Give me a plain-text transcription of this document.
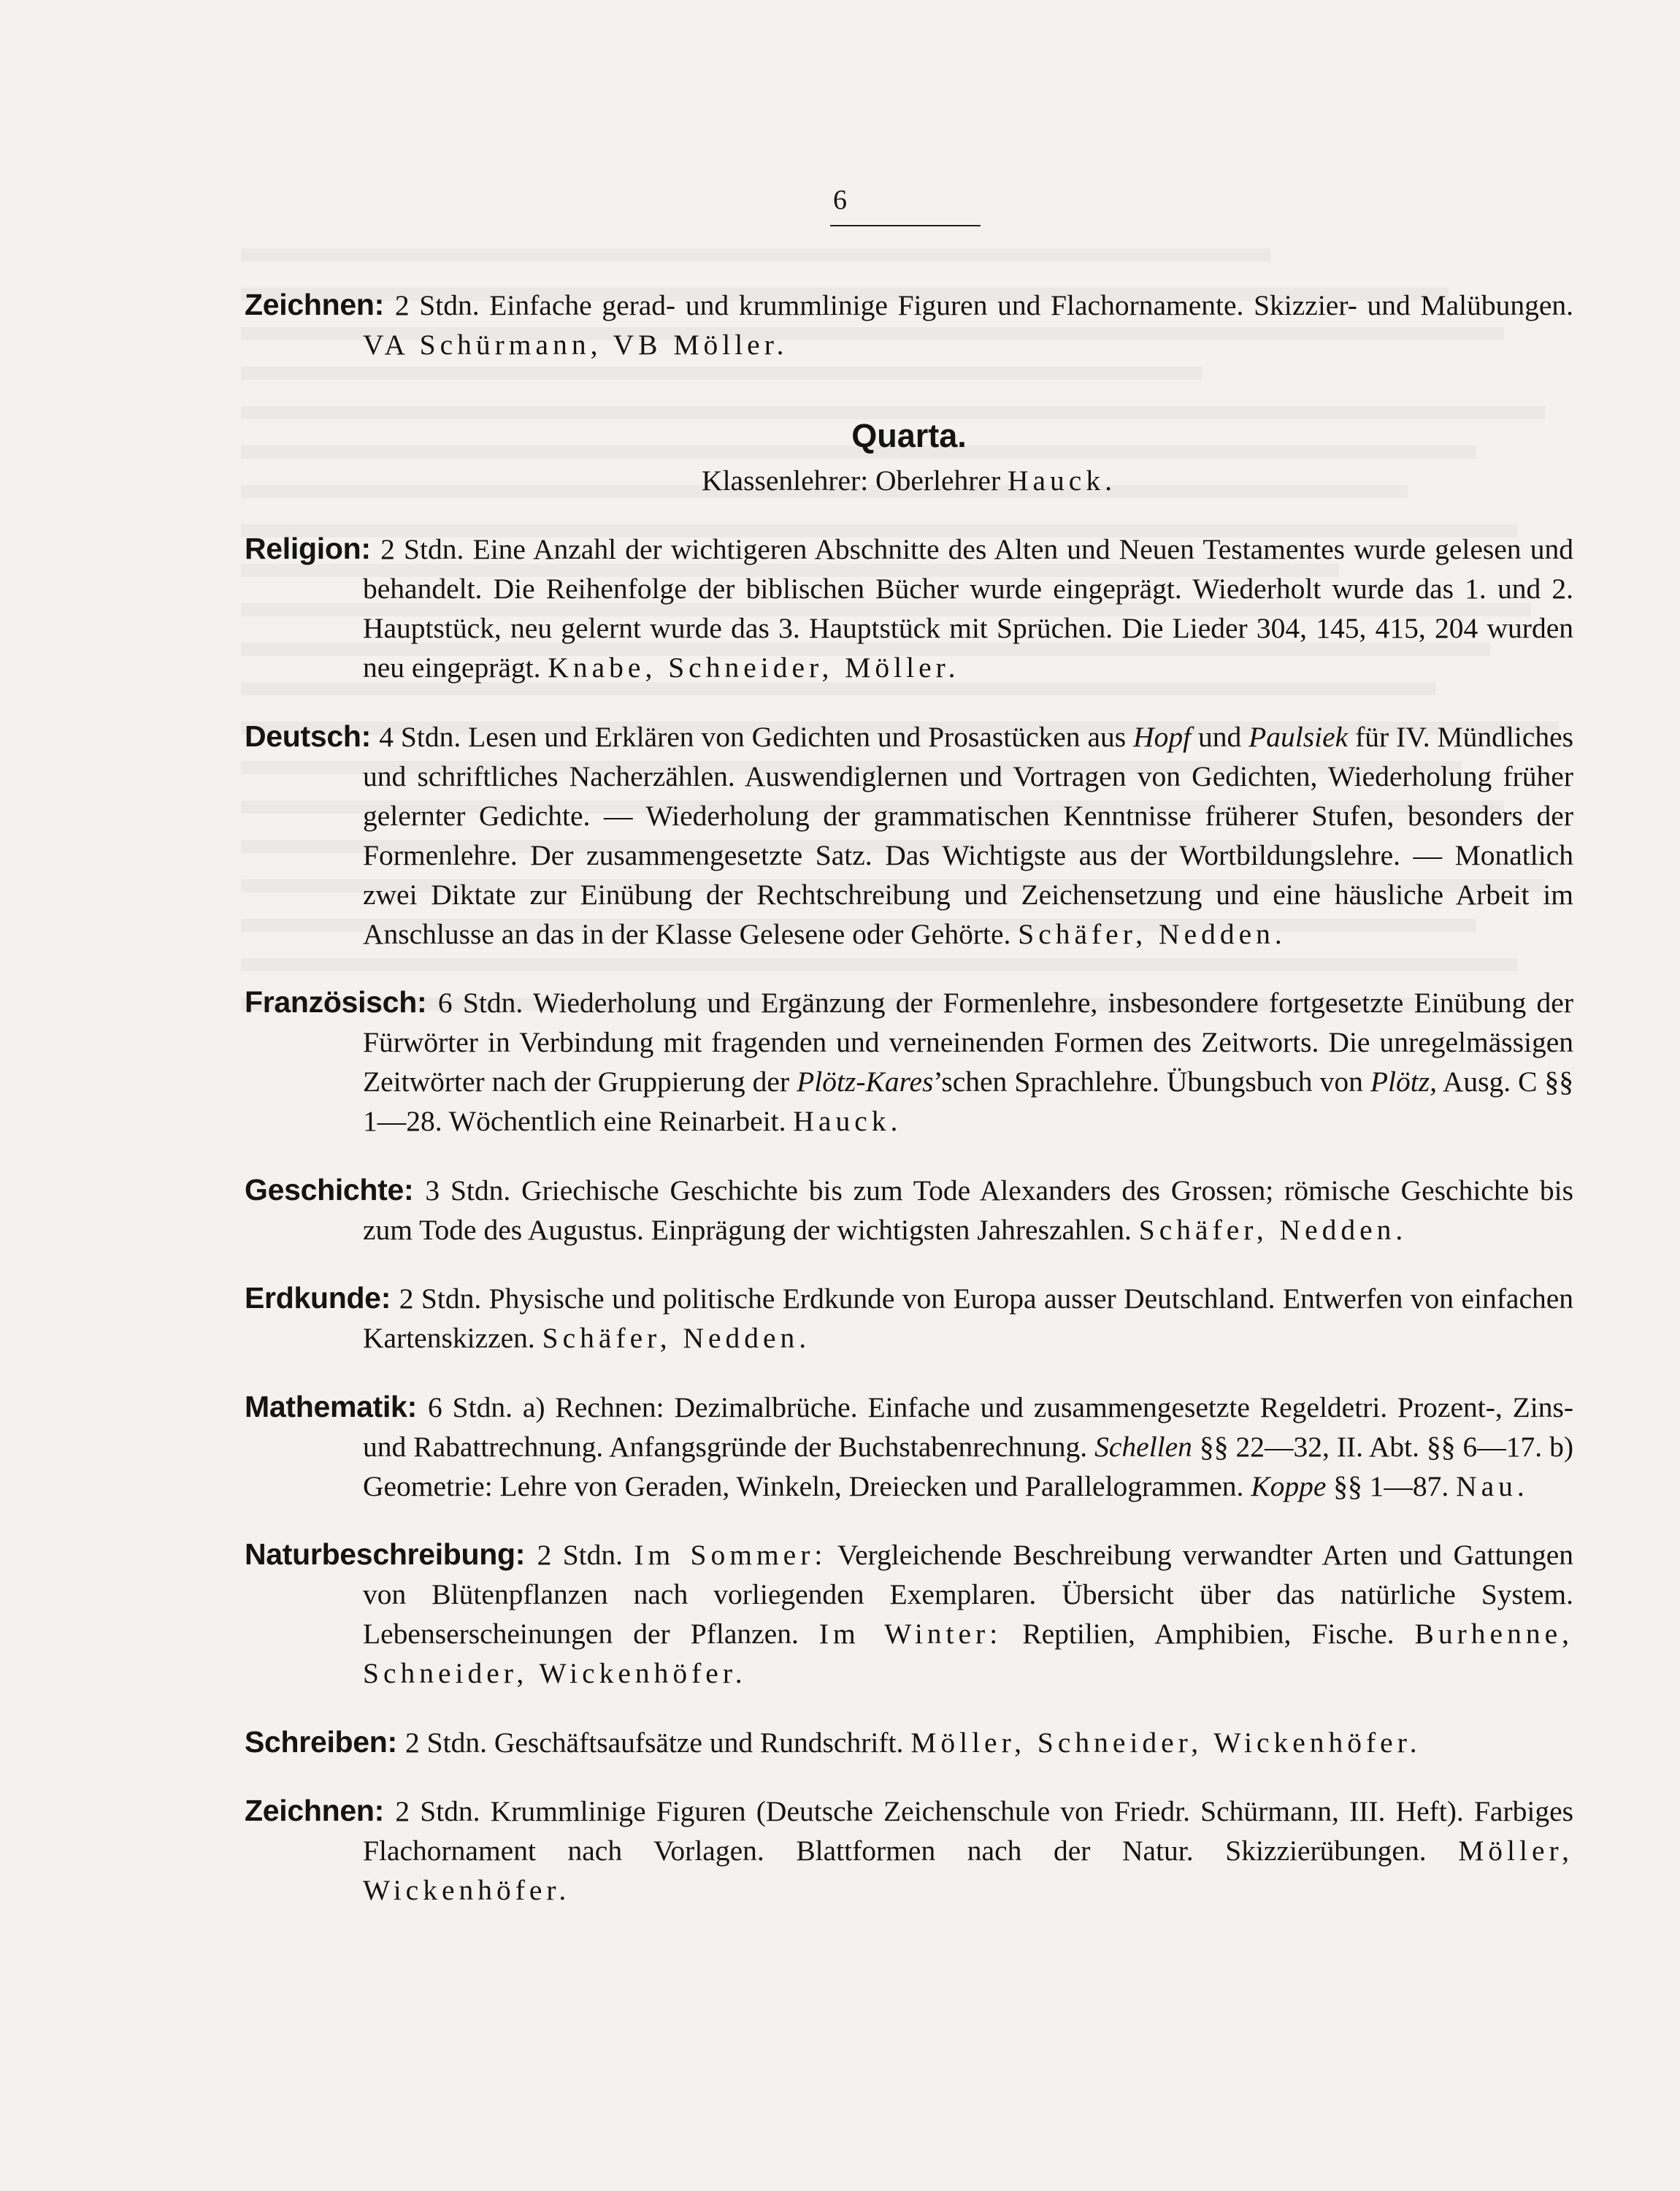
6

Zeichnen: 2 Stdn. Einfache gerad- und krummlinige Figuren und Flachornamente. Skizzier- und Malübungen. VA Schürmann, VB Möller.

Quarta.
Klassenlehrer: Oberlehrer Hauck.

Religion: 2 Stdn. Eine Anzahl der wichtigeren Abschnitte des Alten und Neuen Testamentes wurde gelesen und behandelt. Die Reihenfolge der biblischen Bücher wurde eingeprägt. Wiederholt wurde das 1. und 2. Hauptstück, neu gelernt wurde das 3. Hauptstück mit Sprüchen. Die Lieder 304, 145, 415, 204 wurden neu eingeprägt. Knabe, Schneider, Möller.

Deutsch: 4 Stdn. Lesen und Erklären von Gedichten und Prosastücken aus Hopf und Paulsiek für IV. Mündliches und schriftliches Nacherzählen. Auswendiglernen und Vortragen von Gedichten, Wiederholung früher gelernter Gedichte. — Wiederholung der grammatischen Kenntnisse früherer Stufen, besonders der Formenlehre. Der zusammengesetzte Satz. Das Wichtigste aus der Wortbildungslehre. — Monatlich zwei Diktate zur Einübung der Rechtschreibung und Zeichensetzung und eine häusliche Arbeit im Anschlusse an das in der Klasse Gelesene oder Gehörte. Schäfer, Nedden.

Französisch: 6 Stdn. Wiederholung und Ergänzung der Formenlehre, insbesondere fortgesetzte Einübung der Fürwörter in Verbindung mit fragenden und verneinenden Formen des Zeitworts. Die unregelmässigen Zeitwörter nach der Gruppierung der Plötz-Kares’schen Sprachlehre. Übungsbuch von Plötz, Ausg. C §§ 1—28. Wöchentlich eine Reinarbeit. Hauck.

Geschichte: 3 Stdn. Griechische Geschichte bis zum Tode Alexanders des Grossen; römische Geschichte bis zum Tode des Augustus. Einprägung der wichtigsten Jahreszahlen. Schäfer, Nedden.

Erdkunde: 2 Stdn. Physische und politische Erdkunde von Europa ausser Deutschland. Entwerfen von einfachen Kartenskizzen. Schäfer, Nedden.

Mathematik: 6 Stdn. a) Rechnen: Dezimalbrüche. Einfache und zusammengesetzte Regeldetri. Prozent-, Zins- und Rabattrechnung. Anfangsgründe der Buchstabenrechnung. Schellen §§ 22—32, II. Abt. §§ 6—17. b) Geometrie: Lehre von Geraden, Winkeln, Dreiecken und Parallelogrammen. Koppe §§ 1—87. Nau.

Naturbeschreibung: 2 Stdn. Im Sommer: Vergleichende Beschreibung verwandter Arten und Gattungen von Blütenpflanzen nach vorliegenden Exemplaren. Übersicht über das natürliche System. Lebenserscheinungen der Pflanzen. Im Winter: Reptilien, Amphibien, Fische. Burhenne, Schneider, Wickenhöfer.

Schreiben: 2 Stdn. Geschäftsaufsätze und Rundschrift. Möller, Schneider, Wickenhöfer.

Zeichnen: 2 Stdn. Krummlinige Figuren (Deutsche Zeichenschule von Friedr. Schürmann, III. Heft). Farbiges Flachornament nach Vorlagen. Blattformen nach der Natur. Skizzierübungen. Möller, Wickenhöfer.
